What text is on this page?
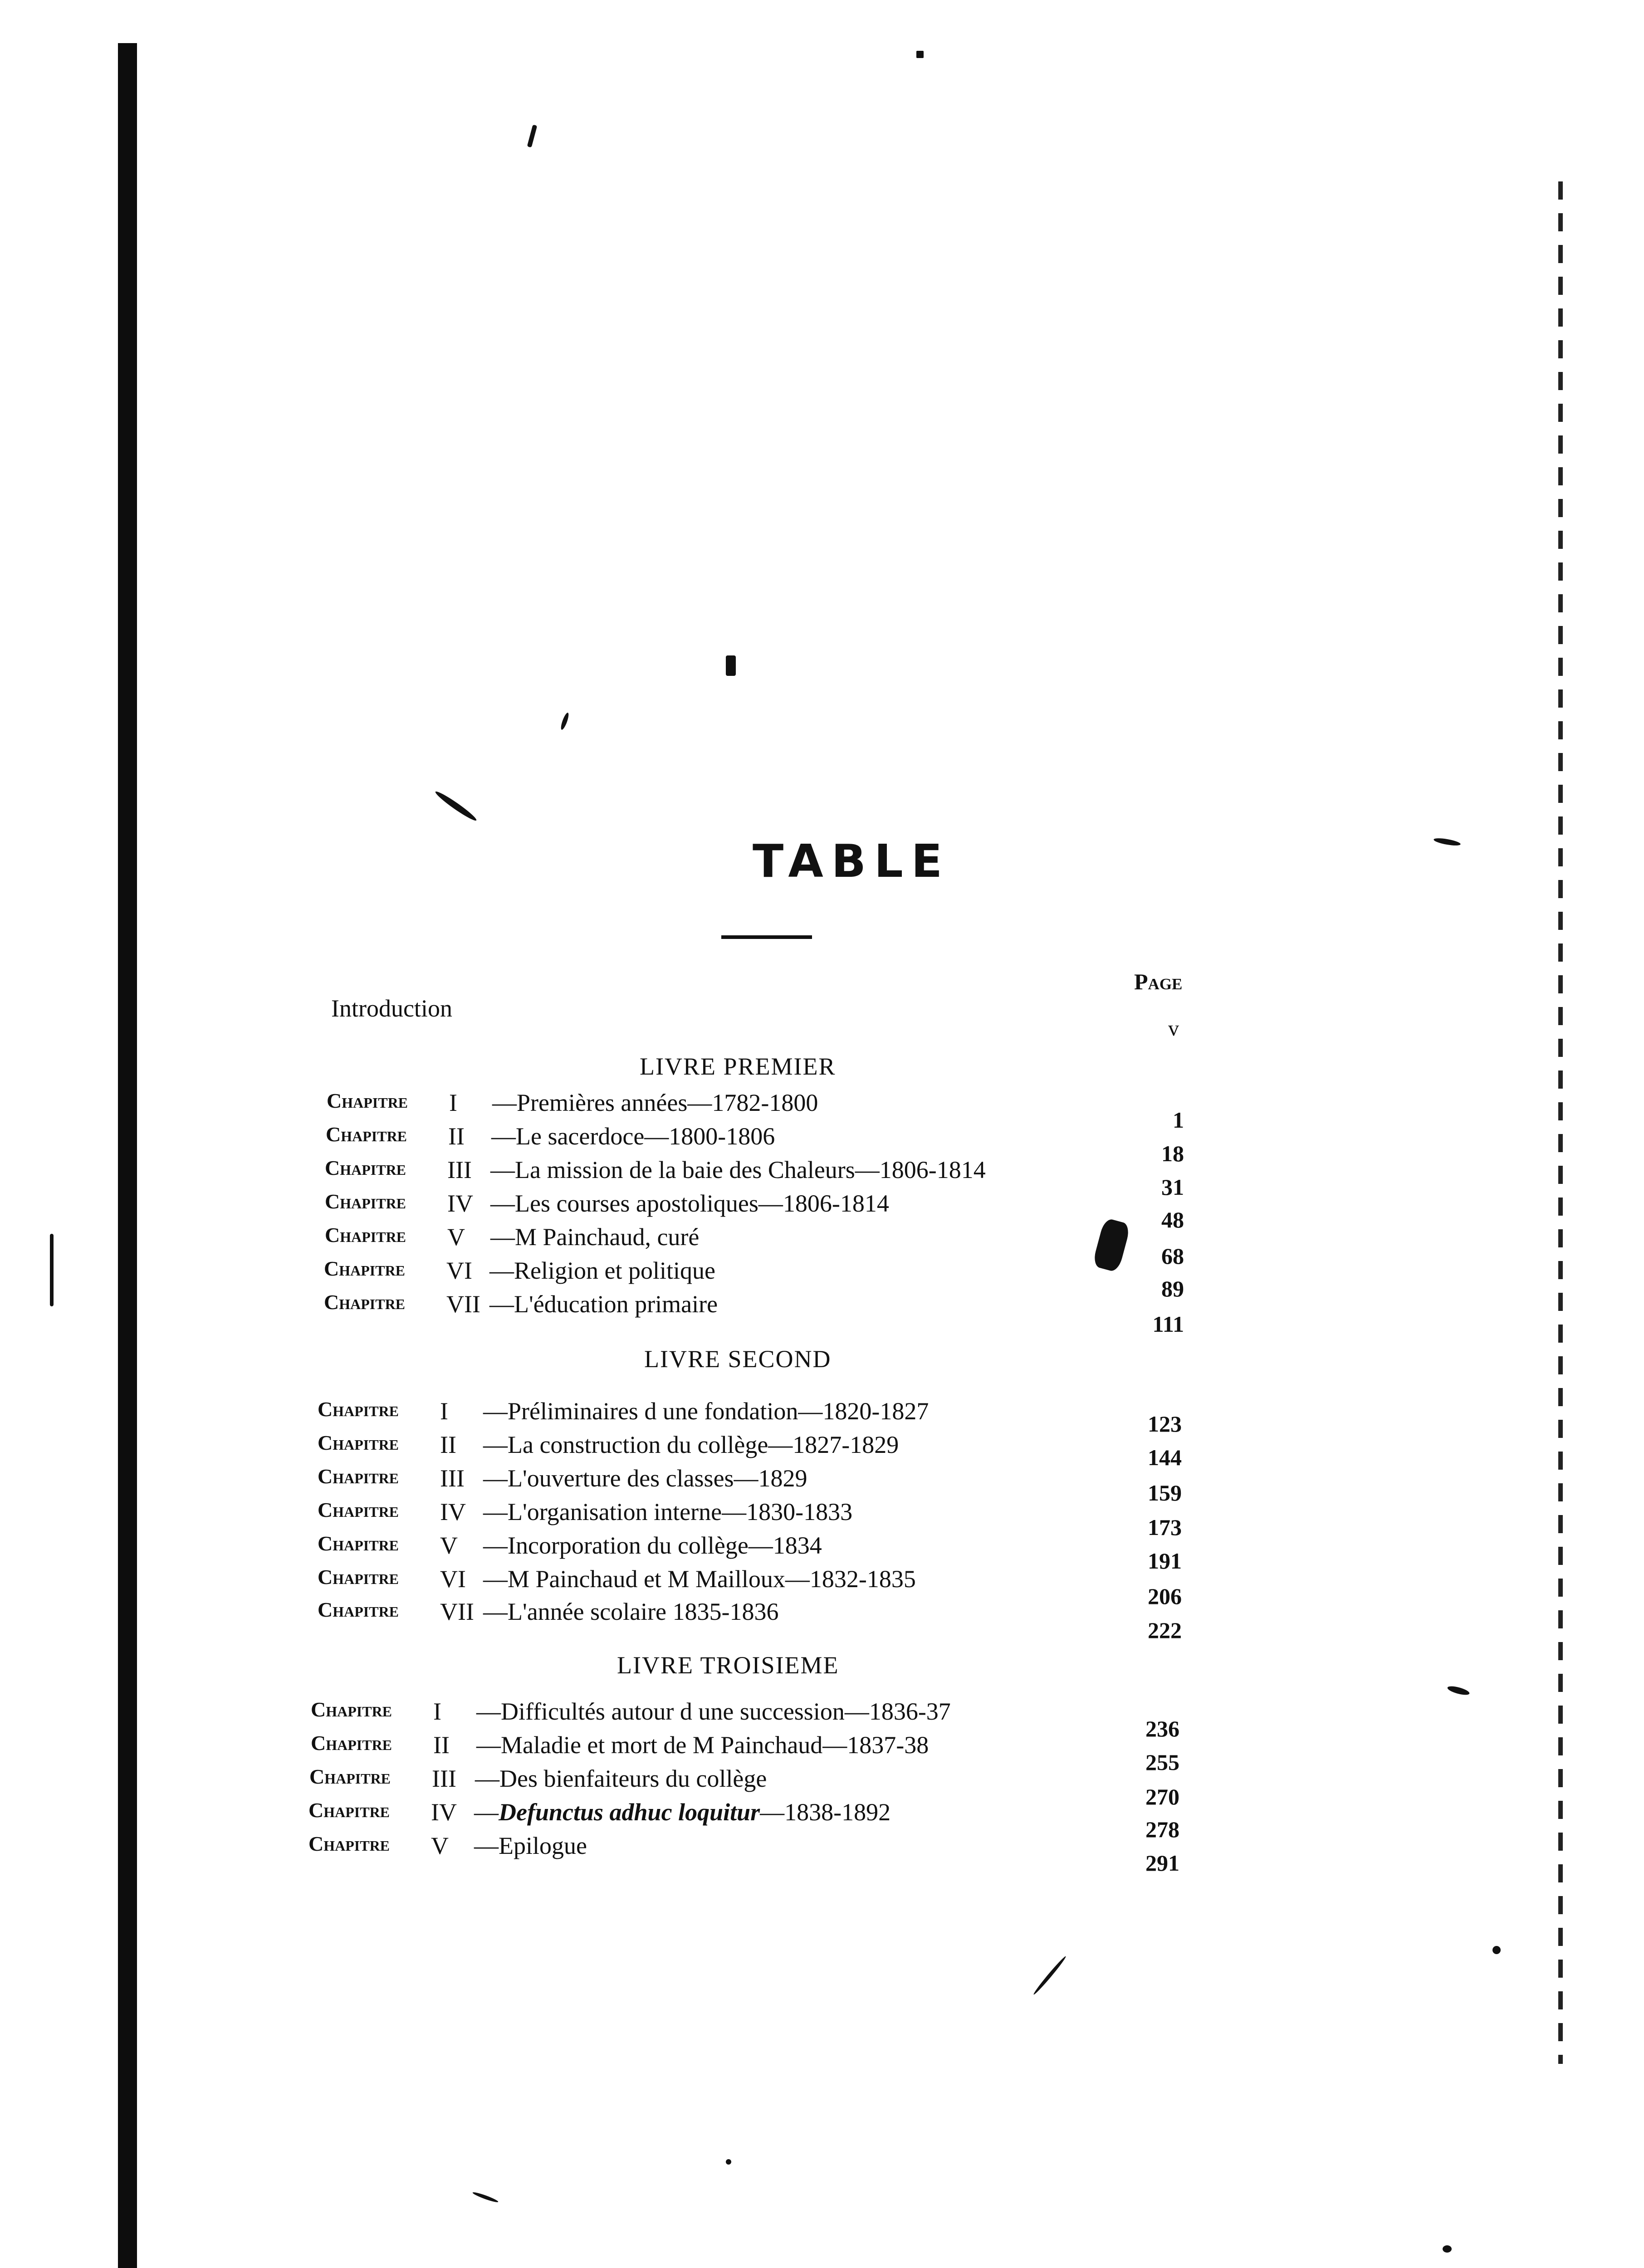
TABLE
Page
Introduction
v
LIVRE PREMIER
Chapitre I —Premières années—1782-1800
1
Chapitre II —Le sacerdoce—1800-1806
18
Chapitre III —La mission de la baie des Chaleurs—1806-1814
31
Chapitre IV —Les courses apostoliques—1806-1814
48
Chapitre V —M Painchaud, curé
68
Chapitre VI —Religion et politique
89
Chapitre VII —L'éducation primaire
111
LIVRE SECOND
Chapitre I —Préliminaires d une fondation—1820-1827	123
Chapitre II —La construction du collège—1827-1829	144
Chapitre III —L'ouverture des classes—1829
159
Chapitre IV —L'organisation interne—1830-1833
173
Chapitre V —Incorporation du collège—1834
191
Chapitre VI —M Painchaud et M Mailloux—1832-1835
206
Chapitre VII —L'année scolaire 1835-1836
222
LIVRE TROISIEME
Chapitre I —Difficultés autour d une succession—1836-37
236
Chapitre II —Maladie et mort de M Painchaud—1837-38
255
Chapitre III —Des bienfaiteurs du collège
270
Chapitre IV —Defunctus adhuc loquitur—1838-1892
278
Chapitre V —Epilogue
291
